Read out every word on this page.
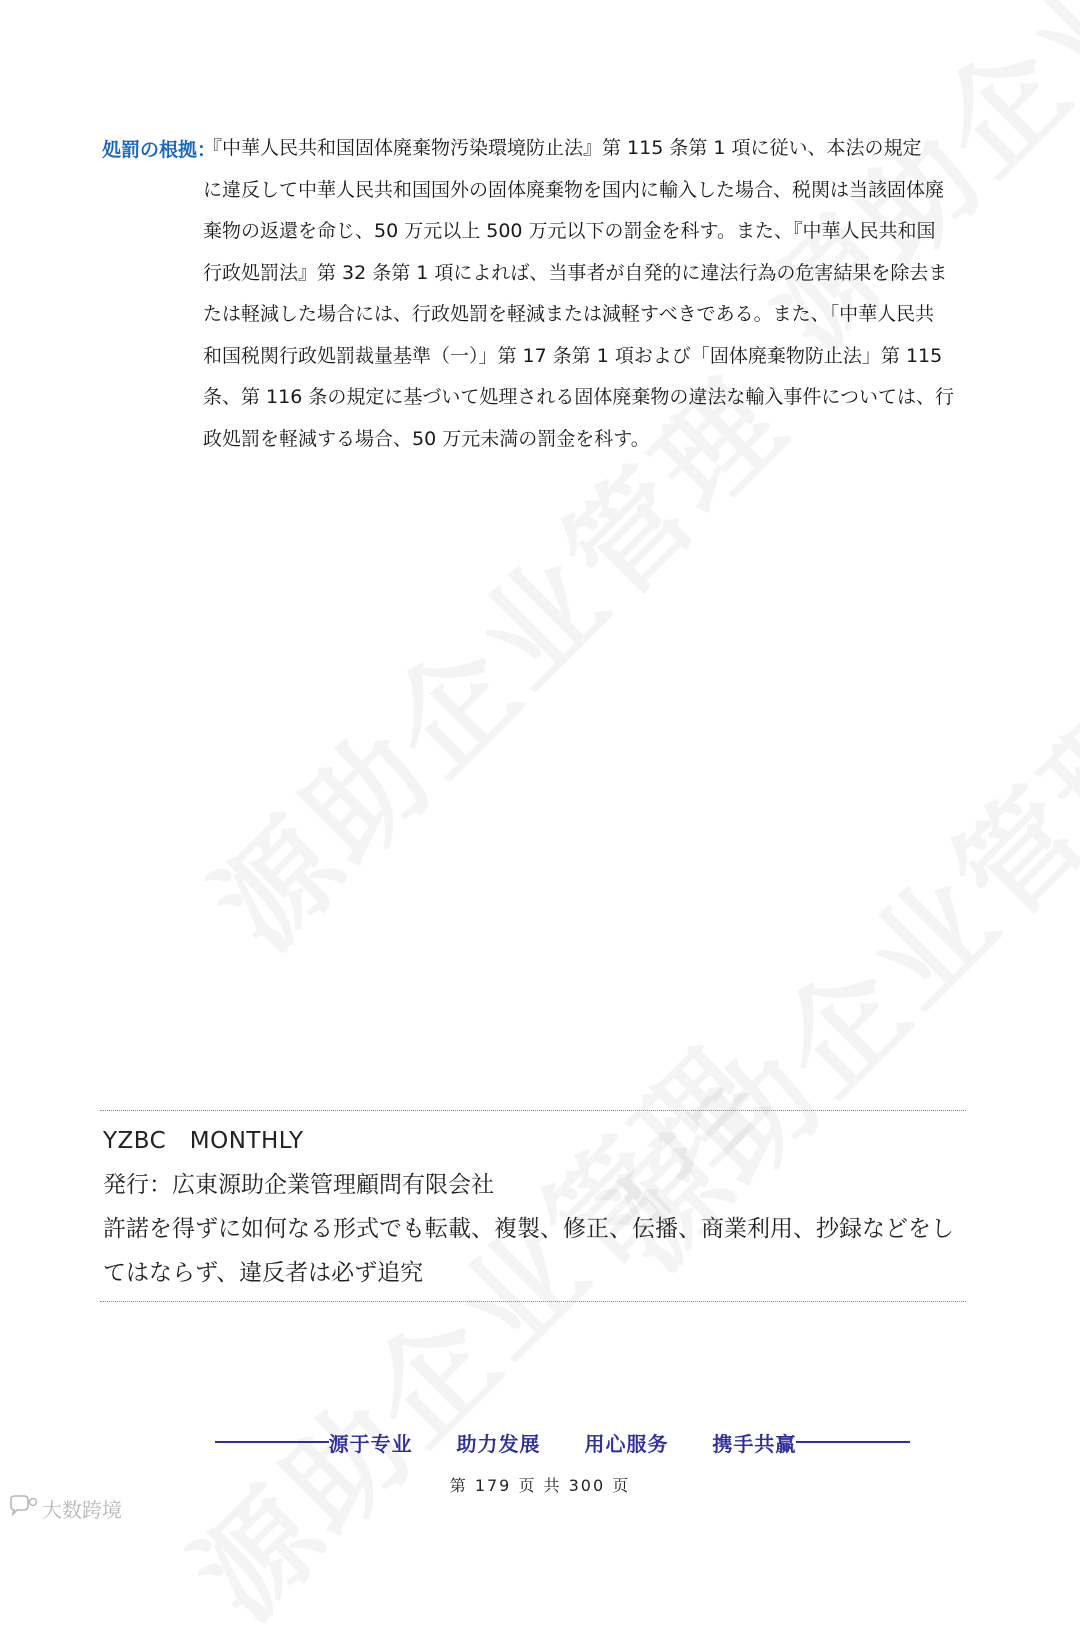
処罰の根拠：
『中華人民共和国固体廃棄物汚染環境防止法』第 115 条第 1 項に従い、本法の規定
に違反して中華人民共和国国外の固体廃棄物を国内に輸入した場合、税関は当該固体廃
棄物の返還を命じ、50 万元以上 500 万元以下の罰金を科す。また、『中華人民共和国
行政処罰法』第 32 条第 1 項によれば、当事者が自発的に違法行為の危害結果を除去ま
たは軽減した場合には、行政処罰を軽減または減軽すべきである。また、「中華人民共
和国税関行政処罰裁量基準（一）」第 17 条第 1 項および「固体廃棄物防止法」第 115
条、第 116 条の規定に基づいて処理される固体廃棄物の違法な輸入事件については、行
政処罰を軽減する場合、50 万元未満の罰金を科す。

YZBC　MONTHLY

発行：広東源助企業管理顧問有限会社

許諾を得ずに如何なる形式でも転載、複製、修正、伝播、商業利用、抄録などをし

てはならず、違反者は必ず追究

源于专业  助力发展  用心服务  携手共赢
第 179 页 共 300 页
大数跨境
